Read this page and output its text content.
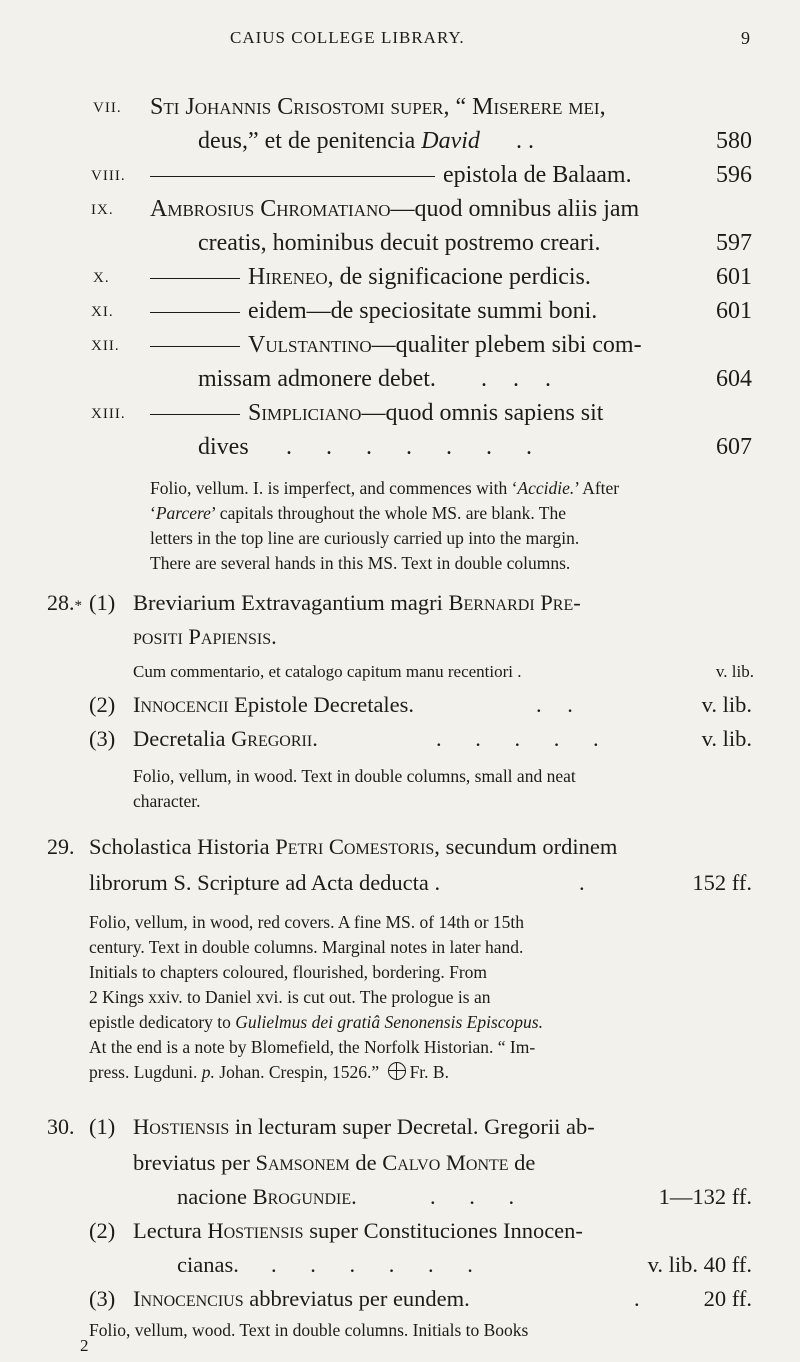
CAIUS COLLEGE LIBRARY.	9
VII. Sti Johannis Crisostomi super, “ Miserere mei,
deus,” et de penitencia David . .	580
VIII.	epistola de Balaam.	596
IX. Ambrosius Chromatiano—quod omnibus aliis jam
creatis, hominibus decuit postremo creari.	597
X.	Hireneo, de significacione perdicis.	601
XI.	eidem—de speciositate summi boni.	601
XII.	Vulstantino—qualiter plebem sibi com-
missam admonere debet. . . .	604
XIII.	Simpliciano—quod omnis sapiens sit
dives . . . . . . .	607
Folio, vellum. I. is imperfect, and commences with ‘Accidie.’ After
‘Parcere’ capitals throughout the whole MS. are blank. The
letters in the top line are curiously carried up into the margin.
There are several hands in this MS. Text in double columns.
28.* (1) Breviarium Extravagantium magri Bernardi Pre-
positi Papiensis.
Cum commentario, et catalogo capitum manu recentiori .	v. lib.
(2) Innocencii Epistole Decretales.	. .	v. lib.
(3) Decretalia Gregorii.	. . . . .	v. lib.
Folio, vellum, in wood. Text in double columns, small and neat
character.
29. Scholastica Historia Petri Comestoris, secundum ordinem
librorum S. Scripture ad Acta deducta .	.	152 ff.
Folio, vellum, in wood, red covers. A fine MS. of 14th or 15th
century. Text in double columns. Marginal notes in later hand.
Initials to chapters coloured, flourished, bordering. From
2 Kings xxiv. to Daniel xvi. is cut out. The prologue is an
epistle dedicatory to Gulielmus dei gratiâ Senonensis Episcopus.
At the end is a note by Blomefield, the Norfolk Historian. “ Im-
press. Lugduni. p. Johan. Crespin, 1526.” Fr. B.
30. (1) Hostiensis in lecturam super Decretal. Gregorii ab-
breviatus per Samsonem de Calvo Monte de
nacione Brogundie.	. . .	1—132 ff.
(2) Lectura Hostiensis super Constituciones Innocen-
cianas. . . . . . .	v. lib. 40 ff.
(3) Innocencius abbreviatus per eundem.	.	20 ff.
Folio, vellum, wood. Text in double columns. Initials to Books
2
